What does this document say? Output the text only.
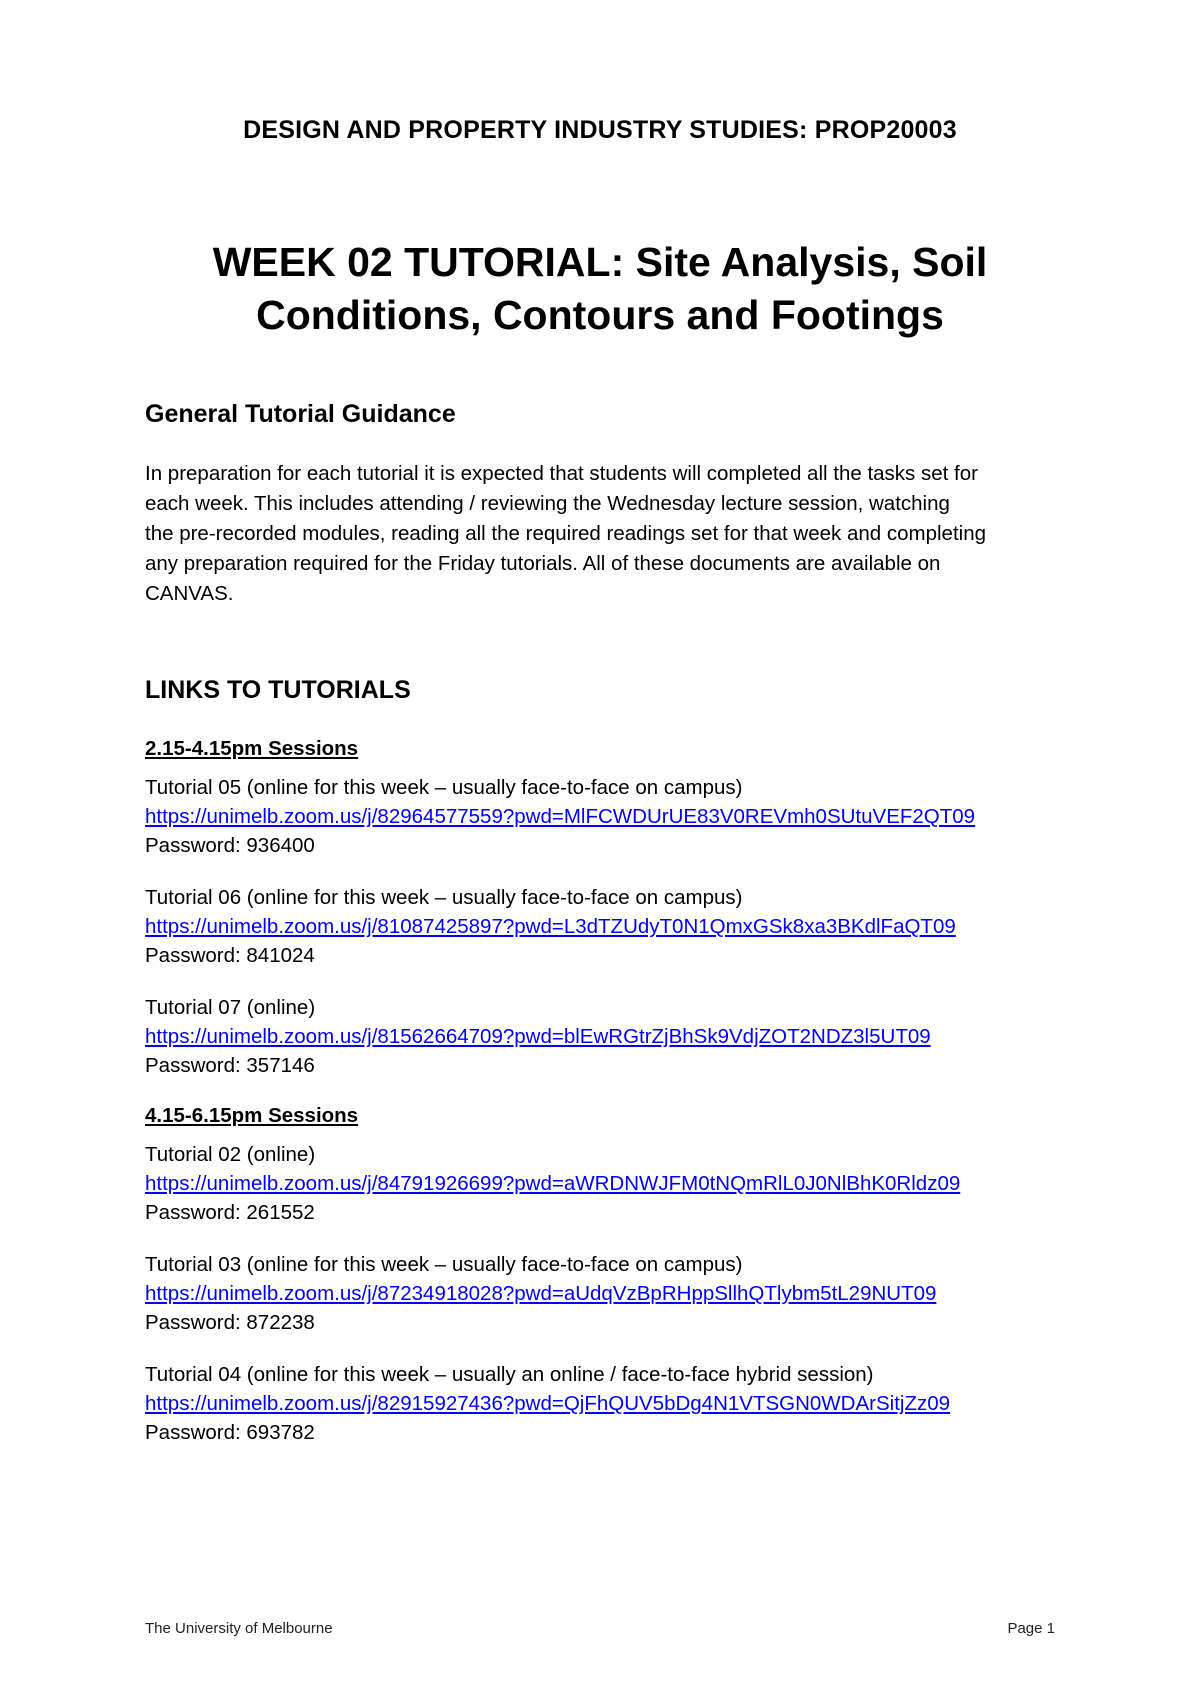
DESIGN AND PROPERTY INDUSTRY STUDIES: PROP20003
WEEK 02 TUTORIAL: Site Analysis, Soil
Conditions, Contours and Footings
General Tutorial Guidance
In preparation for each tutorial it is expected that students will completed all the tasks set for
each week. This includes attending / reviewing the Wednesday lecture session, watching
the pre-recorded modules, reading all the required readings set for that week and completing
any preparation required for the Friday tutorials. All of these documents are available on
CANVAS.
LINKS TO TUTORIALS
2.15-4.15pm Sessions
Tutorial 05 (online for this week – usually face-to-face on campus)
https://unimelb.zoom.us/j/82964577559?pwd=MlFCWDUrUE83V0REVmh0SUtuVEF2QT09
Password: 936400
Tutorial 06 (online for this week – usually face-to-face on campus)
https://unimelb.zoom.us/j/81087425897?pwd=L3dTZUdyT0N1QmxGSk8xa3BKdlFaQT09
Password: 841024
Tutorial 07 (online)
https://unimelb.zoom.us/j/81562664709?pwd=blEwRGtrZjBhSk9VdjZOT2NDZ3l5UT09
Password: 357146
4.15-6.15pm Sessions
Tutorial 02 (online)
https://unimelb.zoom.us/j/84791926699?pwd=aWRDNWJFM0tNQmRlL0J0NlBhK0Rldz09
Password: 261552
Tutorial 03 (online for this week – usually face-to-face on campus)
https://unimelb.zoom.us/j/87234918028?pwd=aUdqVzBpRHppSllhQTlybm5tL29NUT09
Password: 872238
Tutorial 04 (online for this week – usually an online / face-to-face hybrid session)
https://unimelb.zoom.us/j/82915927436?pwd=QjFhQUV5bDg4N1VTSGN0WDArSitjZz09
Password: 693782
The University of Melbourne	Page 1
